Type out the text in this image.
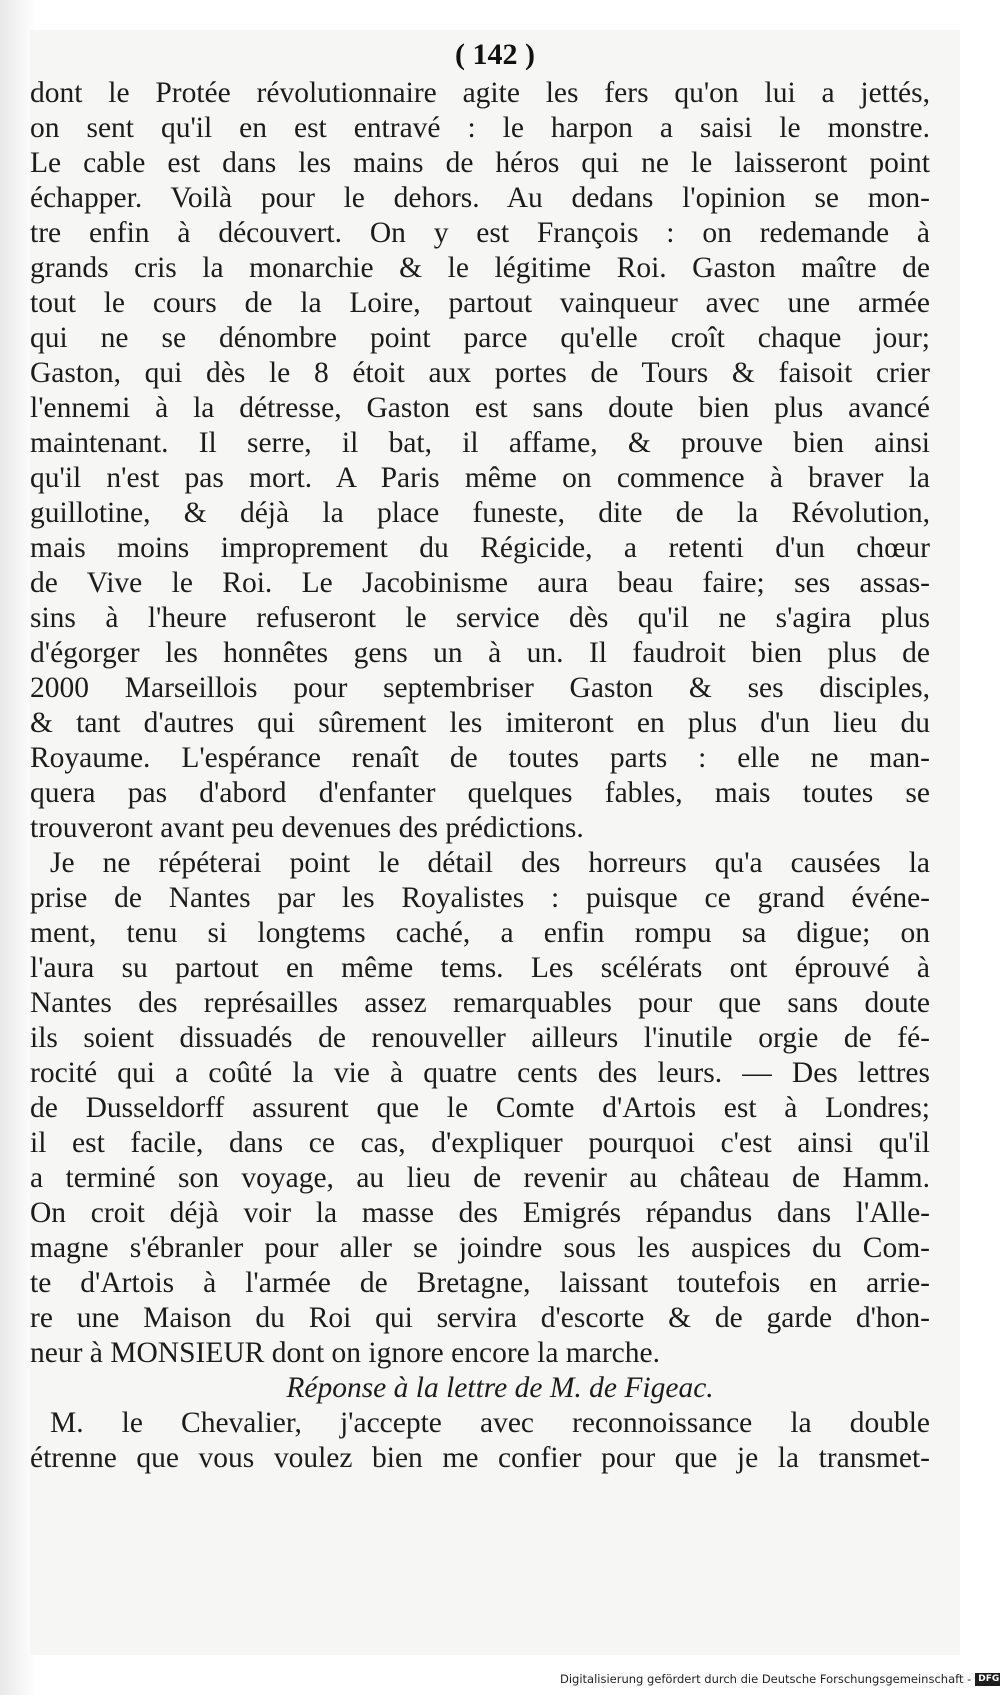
( 142 )
dont le Protée révolutionnaire agite les fers qu'on lui a jettés,
on sent qu'il en est entravé : le harpon a saisi le monstre.
Le cable est dans les mains de héros qui ne le laisseront point
échapper. Voilà pour le dehors. Au dedans l'opinion se mon-
tre enfin à découvert. On y est François : on redemande à
grands cris la monarchie & le légitime Roi. Gaston maître de
tout le cours de la Loire, partout vainqueur avec une armée
qui ne se dénombre point parce qu'elle croît chaque jour;
Gaston, qui dès le 8 étoit aux portes de Tours & faisoit crier
l'ennemi à la détresse, Gaston est sans doute bien plus avancé
maintenant. Il serre, il bat, il affame, & prouve bien ainsi
qu'il n'est pas mort. A Paris même on commence à braver la
guillotine, & déjà la place funeste, dite de la Révolution,
mais moins improprement du Régicide, a retenti d'un chœur
de Vive le Roi. Le Jacobinisme aura beau faire; ses assas-
sins à l'heure refuseront le service dès qu'il ne s'agira plus
d'égorger les honnêtes gens un à un. Il faudroit bien plus de
2000 Marseillois pour septembriser Gaston & ses disciples,
& tant d'autres qui sûrement les imiteront en plus d'un lieu du
Royaume. L'espérance renaît de toutes parts : elle ne man-
quera pas d'abord d'enfanter quelques fables, mais toutes se
trouveront avant peu devenues des prédictions.
Je ne répéterai point le détail des horreurs qu'a causées la
prise de Nantes par les Royalistes : puisque ce grand événe-
ment, tenu si longtems caché, a enfin rompu sa digue; on
l'aura su partout en même tems. Les scélérats ont éprouvé à
Nantes des représailles assez remarquables pour que sans doute
ils soient dissuadés de renouveller ailleurs l'inutile orgie de fé-
rocité qui a coûté la vie à quatre cents des leurs. — Des lettres
de Dusseldorff assurent que le Comte d'Artois est à Londres;
il est facile, dans ce cas, d'expliquer pourquoi c'est ainsi qu'il
a terminé son voyage, au lieu de revenir au château de Hamm.
On croit déjà voir la masse des Emigrés répandus dans l'Alle-
magne s'ébranler pour aller se joindre sous les auspices du Com-
te d'Artois à l'armée de Bretagne, laissant toutefois en arrie-
re une Maison du Roi qui servira d'escorte & de garde d'hon-
neur à MONSIEUR dont on ignore encore la marche.
Réponse à la lettre de M. de Figeac.
M. le Chevalier, j'accepte avec reconnoissance la double
étrenne que vous voulez bien me confier pour que je la transmet-
Digitalisierung gefördert durch die Deutsche Forschungsgemeinschaft - DFG
